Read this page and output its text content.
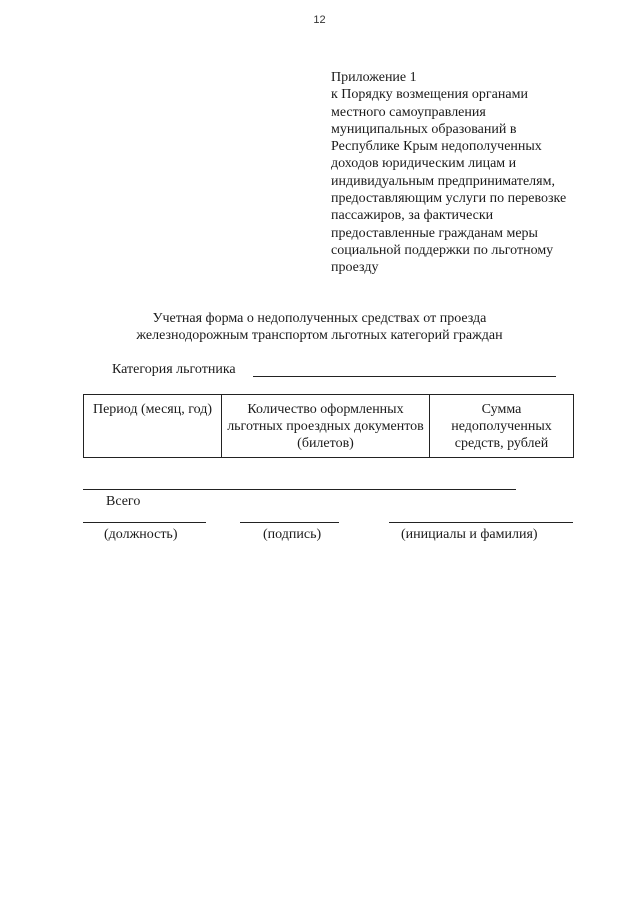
12
Приложение 1
к Порядку возмещения органами
местного самоуправления
муниципальных образований в
Республике Крым недополученных
доходов юридическим лицам и
индивидуальным предпринимателям,
предоставляющим услуги по перевозке
пассажиров, за фактически
предоставленные гражданам меры
социальной поддержки по льготному
проезду
Учетная форма о недополученных средствах от проезда
железнодорожным транспортом льготных категорий граждан
Категория льготника
Период (месяц, год)	Количество оформленных льготных проездных документов (билетов)	Сумма недополученных средств, рублей
Всего
(должность)	(подпись)	(инициалы и фамилия)
